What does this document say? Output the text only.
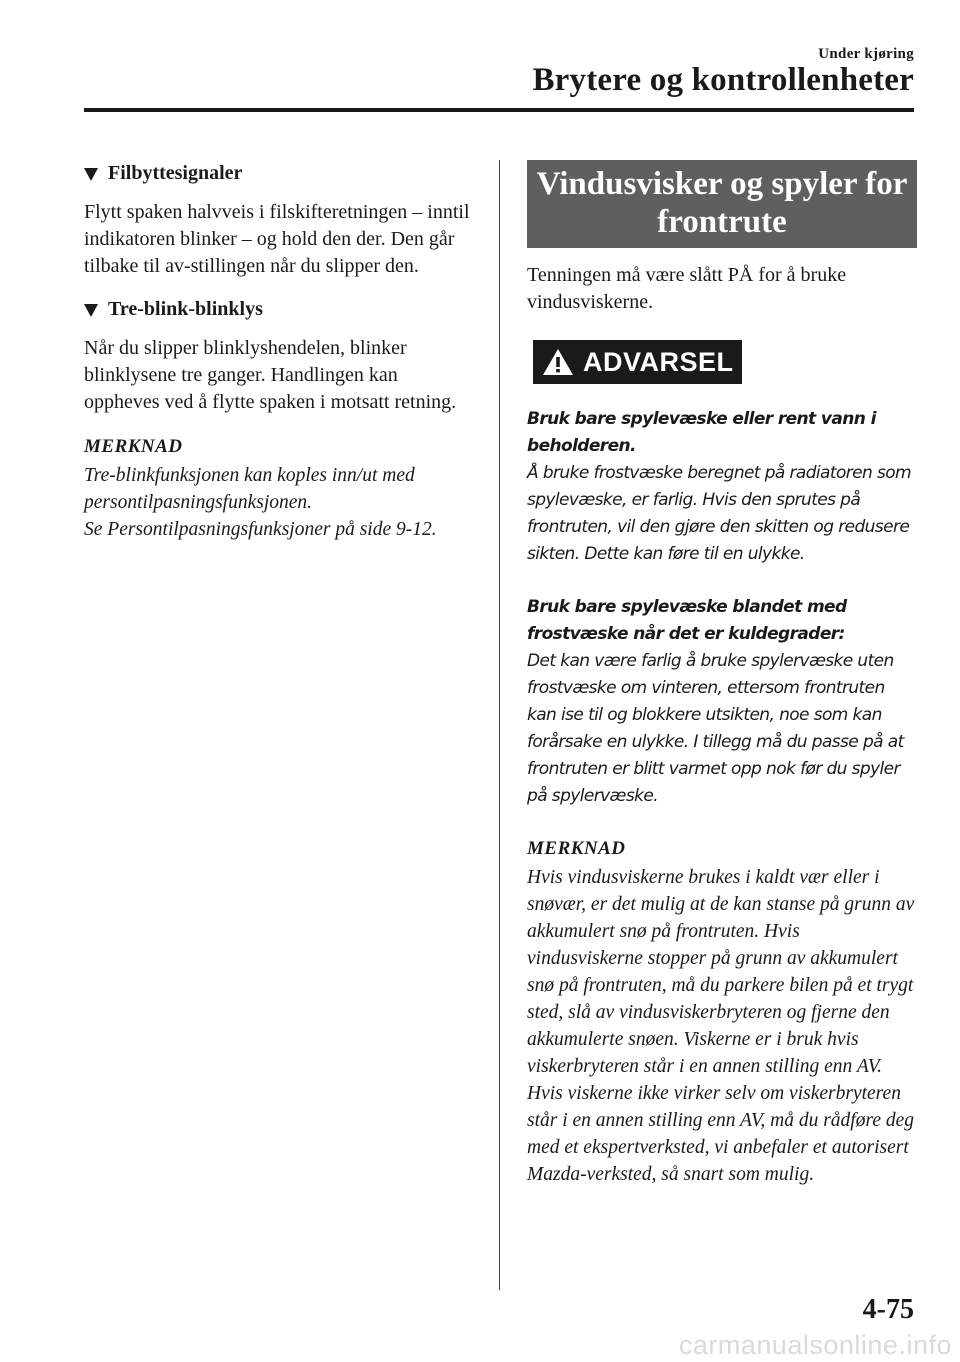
Under kjøring
Brytere og kontrollenheter
Filbyttesignaler

Flytt spaken halvveis i filskifteretningen – inntil indikatoren blinker – og hold den der. Den går tilbake til av-stillingen når du slipper den.

Tre-blink-blinklys

Når du slipper blinklyshendelen, blinker blinklysene tre ganger. Handlingen kan oppheves ved å flytte spaken i motsatt retning.

MERKNAD

Tre-blinkfunksjonen kan koples inn/ut med persontilpasningsfunksjonen.

Se Persontilpasningsfunksjoner på side 9-12.

Vindusvisker og spyler for frontrute

Tenningen må være slått PÅ for å bruke vindusviskerne.

ADVARSEL

Bruk bare spylevæske eller rent vann i beholderen.

Å bruke frostvæske beregnet på radiatoren som spylevæske, er farlig. Hvis den sprutes på frontruten, vil den gjøre den skitten og redusere sikten. Dette kan føre til en ulykke.

Bruk bare spylevæske blandet med frostvæske når det er kuldegrader:

Det kan være farlig å bruke spylervæske uten frostvæske om vinteren, ettersom frontruten kan ise til og blokkere utsikten, noe som kan forårsake en ulykke. I tillegg må du passe på at frontruten er blitt varmet opp nok før du spyler på spylervæske.

MERKNAD

Hvis vindusviskerne brukes i kaldt vær eller i snøvær, er det mulig at de kan stanse på grunn av akkumulert snø på frontruten. Hvis vindusviskerne stopper på grunn av akkumulert snø på frontruten, må du parkere bilen på et trygt sted, slå av vindusviskerbryteren og fjerne den akkumulerte snøen. Viskerne er i bruk hvis viskerbryteren står i en annen stilling enn AV. Hvis viskerne ikke virker selv om viskerbryteren står i en annen stilling enn AV, må du rådføre deg med et ekspertverksted, vi anbefaler et autorisert Mazda-verksted, så snart som mulig.

4-75
carmanualsonline.info
